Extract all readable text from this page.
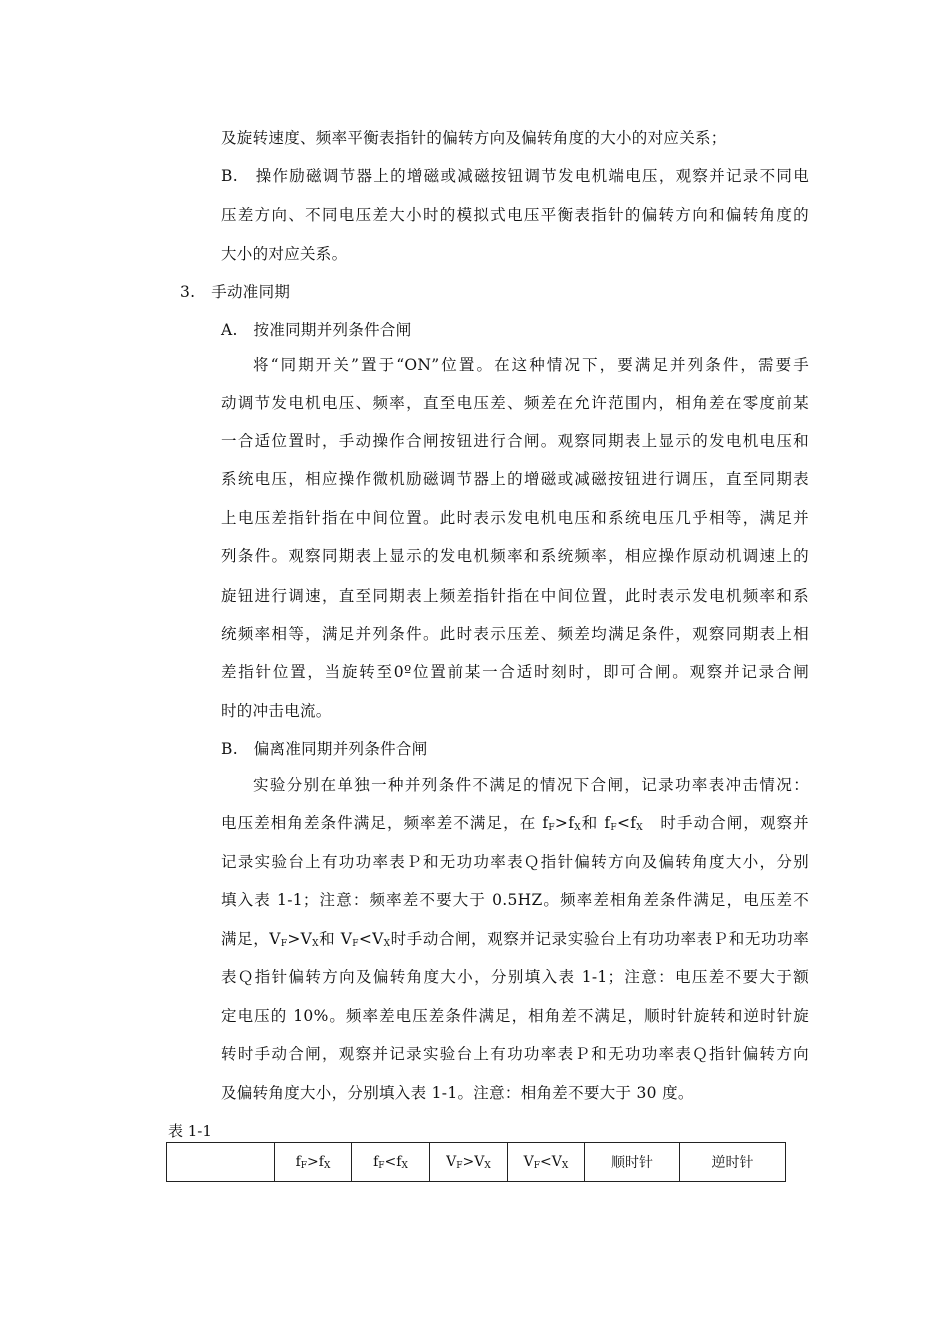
及旋转速度、频率平衡表指针的偏转方向及偏转角度的大小的对应关系；
B.　操作励磁调节器上的增磁或减磁按钮调节发电机端电压，观察并记录不同电
压差方向、不同电压差大小时的模拟式电压平衡表指针的偏转方向和偏转角度的
大小的对应关系。
3.　手动准同期
A.　按准同期并列条件合闸
将“同期开关”置于“ON”位置。在这种情况下，要满足并列条件，需要手
动调节发电机电压、频率，直至电压差、频差在允许范围内，相角差在零度前某
一合适位置时，手动操作合闸按钮进行合闸。观察同期表上显示的发电机电压和
系统电压，相应操作微机励磁调节器上的增磁或减磁按钮进行调压，直至同期表
上电压差指针指在中间位置。此时表示发电机电压和系统电压几乎相等，满足并
列条件。观察同期表上显示的发电机频率和系统频率，相应操作原动机调速上的
旋钮进行调速，直至同期表上频差指针指在中间位置，此时表示发电机频率和系
统频率相等，满足并列条件。此时表示压差、频差均满足条件，观察同期表上相
差指针位置，当旋转至0º位置前某一合适时刻时，即可合闸。观察并记录合闸
时的冲击电流。
B.　偏离准同期并列条件合闸
实验分别在单独一种并列条件不满足的情况下合闸，记录功率表冲击情况：
电压差相角差条件满足，频率差不满足，在 $f_F>f_X$和 $f_F<f_X$　时手动合闸，观察并
记录实验台上有功功率表Ｐ和无功功率表Ｑ指针偏转方向及偏转角度大小，分别
填入表 1-1；注意：频率差不要大于 0.5HZ。频率差相角差条件满足，电压差不
满足，$V_F>V_X$和 $V_F<V_X$时手动合闸，观察并记录实验台上有功功率表Ｐ和无功功率
表Ｑ指针偏转方向及偏转角度大小，分别填入表 1-1；注意：电压差不要大于额
定电压的 10%。频率差电压差条件满足，相角差不满足，顺时针旋转和逆时针旋
转时手动合闸，观察并记录实验台上有功功率表Ｐ和无功功率表Ｑ指针偏转方向
及偏转角度大小，分别填入表 1-1。注意：相角差不要大于 30 度。
表 1-1
	$f_F>f_X$	$f_F<f_X$	$V_F>V_X$	$V_F<V_X$	顺时针	逆时针
